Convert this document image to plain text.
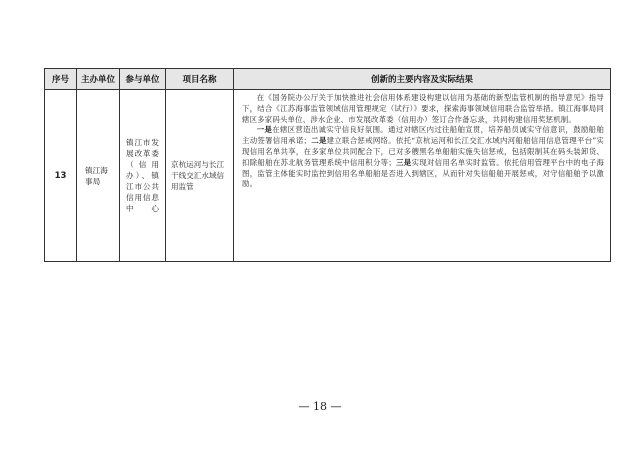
序号	主办单位	参与单位	项目名称	创新的主要内容及实际结果
13	镇江海事局	镇江市发展改革委（信用办）、镇江市公共信用信息中心	京杭运河与长江干线交汇水域信用监管	在《国务院办公厅关于加快推进社会信用体系建设构建以信用为基础的新型监管机制的指导意见》指导下，结合《江苏海事监管领域信用管理规定（试行）》要求，探索海事领域信用联合监管举措。镇江海事局同辖区多家码头单位、涉水企业、市发展改革委（信用办）签订合作备忘录，共同构建信用奖惩机制。

一是在辖区营造出诚实守信良好氛围。通过对辖区内过往船舶宣贯，培养船员诚实守信意识，鼓励船舶主动签署信用承诺；二是建立联合惩戒网络。依托“京杭运河和长江交汇水域内河船舶信用信息管理平台”实现信用名单共享，在多家单位共同配合下，已对多艘黑名单船舶实施失信惩戒，包括限制其在码头装卸货、扣除船舶在苏北航务管理系统中信用积分等；三是实现对信用名单实时监管。依托信用管理平台中的电子海图，监管主体能实时监控到信用名单船舶是否进入到辖区，从而针对失信船舶开展惩戒，对守信船舶予以激励。

— 18 —
